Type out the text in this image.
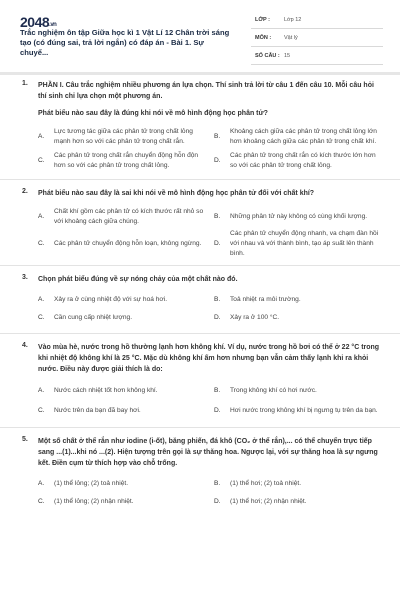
2048.vn
Trắc nghiệm ôn tập Giữa học kì 1 Vật Lí 12 Chân trời sáng tạo (có đúng sai, trả lời ngắn) có đáp án - Bài 1. Sự chuyể...
LỚP :	Lớp 12
MÔN : Vật lý
SỐ CÂU : 15
1. PHẦN I. Câu trắc nghiệm nhiều phương án lựa chọn. Thí sinh trả lời từ câu 1 đến câu 10. Mỗi câu hỏi thí sinh chỉ lựa chọn một phương án.
Phát biểu nào sau đây là đúng khi nói về mô hình động học phân tử?
A.
Lực tương tác giữa các phân tử trong chất lỏng mạnh hơn so với các phân tử trong chất rắn.
B.
Khoảng cách giữa các phân tử trong chất lỏng lớn hơn khoảng cách giữa các phân tử trong chất khí.
C.
Các phân tử trong chất rắn chuyển động hỗn độn hơn so với các phân tử trong chất lỏng.
D.
Các phân tử trong chất rắn có kích thước lớn hơn so với các phân tử trong chất lỏng.
2. Phát biểu nào sau đây là sai khi nói về mô hình động học phân tử đối với chất khí?
A.
Chất khí gồm các phân tử có kích thước rất nhỏ so với khoảng cách giữa chúng.
B. Những phân tử này không có cùng khối lượng.
C. Các phân tử chuyển động hỗn loạn, không ngừng. D.
Các phân tử chuyển động nhanh, va chạm đàn hồi với nhau và với thành bình, tạo áp suất lên thành bình.
3. Chọn phát biểu đúng về sự nóng chảy của một chất nào đó.
A. Xảy ra ở cùng nhiệt độ với sự hoá hơi.	B. Toả nhiệt ra môi trường.
C. Cần cung cấp nhiệt lượng.	D. Xảy ra ở 100 °C.
4. Vào mùa hè, nước trong hồ thường lạnh hơn không khí. Ví dụ, nước trong hồ bơi có thể ở 22 °C trong khi nhiệt độ không khí là 25 °C. Mặc dù không khí ấm hơn nhưng bạn vẫn cảm thấy lạnh khi ra khỏi nước. Điều này được giải thích là do:
A. Nước cách nhiệt tốt hơn không khí.	B. Trong không khí có hơi nước.
C. Nước trên da bạn đã bay hơi.	D. Hơi nước trong không khí bị ngưng tụ trên da bạn.
5. Một số chất ở thể rắn như iodine (i-ốt), băng phiến, đá khô (CO₂ ở thể rắn),... có thể chuyển trực tiếp sang ...(1)...khi nó ...(2). Hiện tượng trên gọi là sự thăng hoa. Ngược lại, với sự thăng hoa là sự ngưng kết. Điền cụm từ thích hợp vào chỗ trống.
A. (1) thể lỏng; (2) toả nhiệt.	B. (1) thể hơi; (2) toả nhiệt.
C. (1) thể lỏng; (2) nhận nhiệt.	D. (1) thể hơi; (2) nhận nhiệt.
